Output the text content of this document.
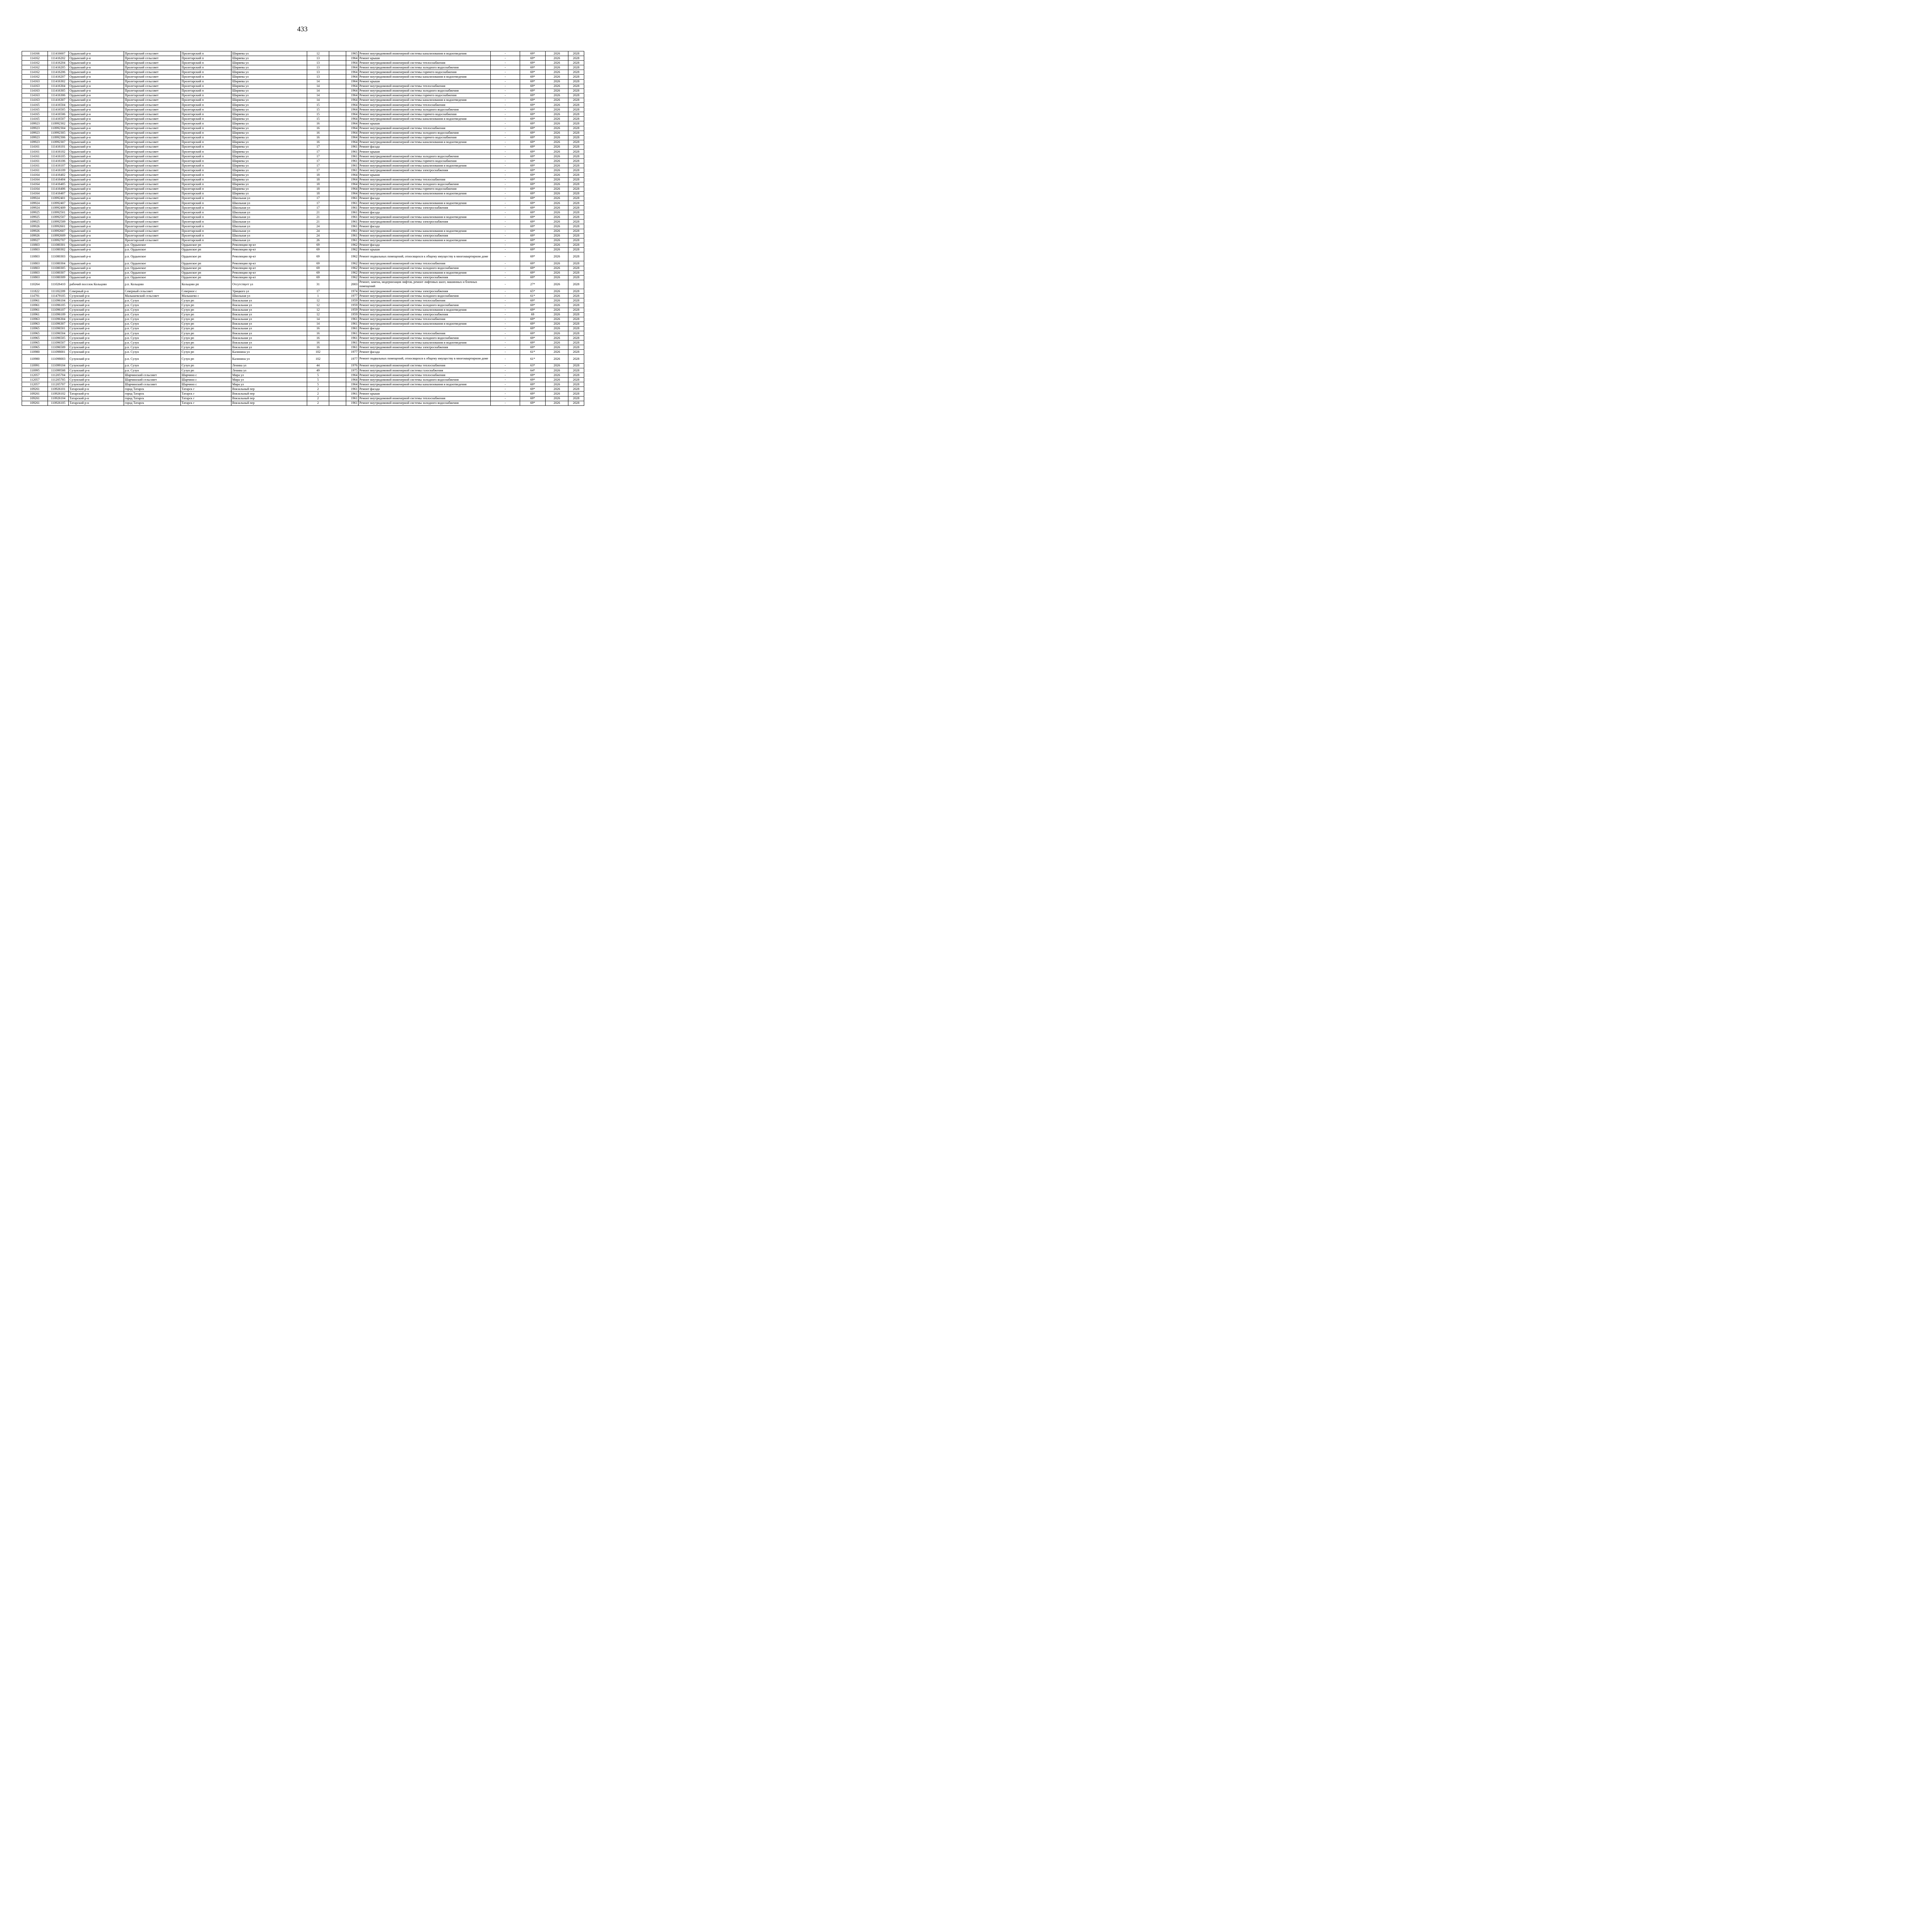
433
114166	111416607	Ордынский р-н	Пролетарский сельсовет	Пролетарский п	Ширяева ул	12		1965	Ремонт внутридомовой инженерной системы канализования и водоотведения	-	69*	2026	2028
114162	111416202	Ордынский р-н	Пролетарский сельсовет	Пролетарский п	Ширяева ул	13		1964	Ремонт крыши	-	69*	2026	2028
114162	111416204	Ордынский р-н	Пролетарский сельсовет	Пролетарский п	Ширяева ул	13		1964	Ремонт внутридомовой инженерной системы теплоснабжения	-	69*	2026	2028
114162	111416205	Ордынский р-н	Пролетарский сельсовет	Пролетарский п	Ширяева ул	13		1964	Ремонт внутридомовой инженерной системы холодного водоснабжения	-	69*	2026	2028
114162	111416206	Ордынский р-н	Пролетарский сельсовет	Пролетарский п	Ширяева ул	13		1964	Ремонт внутридомовой инженерной системы горячего водоснабжения	-	69*	2026	2028
114162	111416207	Ордынский р-н	Пролетарский сельсовет	Пролетарский п	Ширяева ул	13		1964	Ремонт внутридомовой инженерной системы канализования и водоотведения	-	69*	2026	2028
114163	111416302	Ордынский р-н	Пролетарский сельсовет	Пролетарский п	Ширяева ул	14		1964	Ремонт крыши	-	69*	2026	2028
114163	111416304	Ордынский р-н	Пролетарский сельсовет	Пролетарский п	Ширяева ул	14		1964	Ремонт внутридомовой инженерной системы теплоснабжения	-	69*	2026	2028
114163	111416305	Ордынский р-н	Пролетарский сельсовет	Пролетарский п	Ширяева ул	14		1964	Ремонт внутридомовой инженерной системы холодного водоснабжения	-	69*	2026	2028
114163	111416306	Ордынский р-н	Пролетарский сельсовет	Пролетарский п	Ширяева ул	14		1964	Ремонт внутридомовой инженерной системы горячего водоснабжения	-	69*	2026	2028
114163	111416307	Ордынский р-н	Пролетарский сельсовет	Пролетарский п	Ширяева ул	14		1964	Ремонт внутридомовой инженерной системы канализования и водоотведения	-	69*	2026	2028
114165	111416504	Ордынский р-н	Пролетарский сельсовет	Пролетарский п	Ширяева ул	15		1964	Ремонт внутридомовой инженерной системы теплоснабжения	-	69*	2026	2028
114165	111416505	Ордынский р-н	Пролетарский сельсовет	Пролетарский п	Ширяева ул	15		1964	Ремонт внутридомовой инженерной системы холодного водоснабжения	-	69*	2026	2028
114165	111416506	Ордынский р-н	Пролетарский сельсовет	Пролетарский п	Ширяева ул	15		1964	Ремонт внутридомовой инженерной системы горячего водоснабжения	-	69*	2026	2028
114165	111416507	Ордынский р-н	Пролетарский сельсовет	Пролетарский п	Ширяева ул	15		1964	Ремонт внутридомовой инженерной системы канализования и водоотведения	-	69*	2026	2028
109923	110992302	Ордынский р-н	Пролетарский сельсовет	Пролетарский п	Ширяева ул	16		1964	Ремонт крыши	-	69*	2026	2028
109923	110992304	Ордынский р-н	Пролетарский сельсовет	Пролетарский п	Ширяева ул	16		1964	Ремонт внутридомовой инженерной системы теплоснабжения	-	69*	2026	2028
109923	110992305	Ордынский р-н	Пролетарский сельсовет	Пролетарский п	Ширяева ул	16		1964	Ремонт внутридомовой инженерной системы холодного водоснабжения	-	69*	2026	2028
109923	110992306	Ордынский р-н	Пролетарский сельсовет	Пролетарский п	Ширяева ул	16		1964	Ремонт внутридомовой инженерной системы горячего водоснабжения	-	69*	2026	2028
109923	110992307	Ордынский р-н	Пролетарский сельсовет	Пролетарский п	Ширяева ул	16		1964	Ремонт внутридомовой инженерной системы канализования и водоотведения	-	69*	2026	2028
114161	111416101	Ордынский р-н	Пролетарский сельсовет	Пролетарский п	Ширяева ул	17		1961	Ремонт фасада	-	69*	2026	2028
114161	111416102	Ордынский р-н	Пролетарский сельсовет	Пролетарский п	Ширяева ул	17		1961	Ремонт крыши	-	69*	2026	2028
114161	111416105	Ордынский р-н	Пролетарский сельсовет	Пролетарский п	Ширяева ул	17		1961	Ремонт внутридомовой инженерной системы холодного водоснабжения	-	69*	2026	2028
114161	111416106	Ордынский р-н	Пролетарский сельсовет	Пролетарский п	Ширяева ул	17		1961	Ремонт внутридомовой инженерной системы горячего водоснабжения	-	69*	2026	2028
114161	111416107	Ордынский р-н	Пролетарский сельсовет	Пролетарский п	Ширяева ул	17		1961	Ремонт внутридомовой инженерной системы канализования и водоотведения	-	69*	2026	2028
114161	111416109	Ордынский р-н	Пролетарский сельсовет	Пролетарский п	Ширяева ул	17		1961	Ремонт внутридомовой инженерной системы электроснабжения	-	69*	2026	2028
114164	111416402	Ордынский р-н	Пролетарский сельсовет	Пролетарский п	Ширяева ул	18		1964	Ремонт крыши	-	69*	2026	2028
114164	111416404	Ордынский р-н	Пролетарский сельсовет	Пролетарский п	Ширяева ул	18		1964	Ремонт внутридомовой инженерной системы теплоснабжения	-	69*	2026	2028
114164	111416405	Ордынский р-н	Пролетарский сельсовет	Пролетарский п	Ширяева ул	18		1964	Ремонт внутридомовой инженерной системы холодного водоснабжения	-	69*	2026	2028
114164	111416406	Ордынский р-н	Пролетарский сельсовет	Пролетарский п	Ширяева ул	18		1964	Ремонт внутридомовой инженерной системы горячего водоснабжения	-	69*	2026	2028
114164	111416407	Ордынский р-н	Пролетарский сельсовет	Пролетарский п	Ширяева ул	18		1964	Ремонт внутридомовой инженерной системы канализования и водоотведения	-	69*	2026	2028
109924	110992401	Ордынский р-н	Пролетарский сельсовет	Пролетарский п	Школьная ул	17		1961	Ремонт фасада	-	69*	2026	2028
109924	110992407	Ордынский р-н	Пролетарский сельсовет	Пролетарский п	Школьная ул	17		1961	Ремонт внутридомовой инженерной системы канализования и водоотведения	-	69*	2026	2028
109924	110992409	Ордынский р-н	Пролетарский сельсовет	Пролетарский п	Школьная ул	17		1961	Ремонт внутридомовой инженерной системы электроснабжения	-	69*	2026	2028
109925	110992501	Ордынский р-н	Пролетарский сельсовет	Пролетарский п	Школьная ул	21		1961	Ремонт фасада	-	69*	2026	2028
109925	110992507	Ордынский р-н	Пролетарский сельсовет	Пролетарский п	Школьная ул	21		1961	Ремонт внутридомовой инженерной системы канализования и водоотведения	-	69*	2026	2028
109925	110992509	Ордынский р-н	Пролетарский сельсовет	Пролетарский п	Школьная ул	21		1961	Ремонт внутридомовой инженерной системы электроснабжения	-	69*	2026	2028
109926	110992601	Ордынский р-н	Пролетарский сельсовет	Пролетарский п	Школьная ул	24		1961	Ремонт фасада	-	69*	2026	2028
109926	110992607	Ордынский р-н	Пролетарский сельсовет	Пролетарский п	Школьная ул	24		1961	Ремонт внутридомовой инженерной системы канализования и водоотведения	-	69*	2026	2028
109926	110992609	Ордынский р-н	Пролетарский сельсовет	Пролетарский п	Школьная ул	24		1961	Ремонт внутридомовой инженерной системы электроснабжения	-	69*	2026	2028
109927	110992707	Ордынский р-н	Пролетарский сельсовет	Пролетарский п	Школьная ул	26		1961	Ремонт внутридомовой инженерной системы канализования и водоотведения	-	69*	2026	2028
110803	111080301	Ордынский р-н	р.п. Ордынское	Ордынское рп	Революции пр-кт	69		1962	Ремонт фасада	-	69*	2026	2028
110803	111080302	Ордынский р-н	р.п. Ордынское	Ордынское рп	Революции пр-кт	69		1962	Ремонт крыши	-	69*	2026	2028
110803	111080303	Ордынский р-н	р.п. Ордынское	Ордынское рп	Революции пр-кт	69		1962	Ремонт подвальных помещений, относящихся к общему имуществу в многоквартирном доме	-	69*	2026	2028
110803	111080304	Ордынский р-н	р.п. Ордынское	Ордынское рп	Революции пр-кт	69		1962	Ремонт внутридомовой инженерной системы теплоснабжения	-	69*	2026	2028
110803	111080305	Ордынский р-н	р.п. Ордынское	Ордынское рп	Революции пр-кт	69		1962	Ремонт внутридомовой инженерной системы холодного водоснабжения	-	69*	2026	2028
110803	111080307	Ордынский р-н	р.п. Ордынское	Ордынское рп	Революции пр-кт	69		1962	Ремонт внутридомовой инженерной системы канализования и водоотведения	-	69*	2026	2028
110803	111080309	Ордынский р-н	р.п. Ордынское	Ордынское рп	Революции пр-кт	69		1962	Ремонт внутридомовой инженерной системы электроснабжения	-	69*	2026	2028
110264	111026410	рабочий поселок Кольцово	р.п. Кольцово	Кольцово рп	Отсутствует ул	31		2003	Ремонт, замена, модернизация лифтов, ремонт лифтовых шахт, машинных и блочных помещений	-	27*	2026	2028
111822	111182209	Северный р-н	Северный сельсовет	Северное с	Урицкого ул	17		1974	Ремонт внутридомовой инженерной системы электроснабжения	-	65*	2026	2028
114791	111479105	Сузунский р-н	Малышевский сельсовет	Малышево с	Школьная ул	1		1977	Ремонт внутридомовой инженерной системы холодного водоснабжения	-	61*	2026	2028
110961	111096104	Сузунский р-н	р.п. Сузун	Сузун рп	Вокзальная ул	12		1959	Ремонт внутридомовой инженерной системы теплоснабжения	-	69*	2026	2028
110961	111096105	Сузунский р-н	р.п. Сузун	Сузун рп	Вокзальная ул	12		1959	Ремонт внутридомовой инженерной системы холодного водоснабжения	-	69*	2026	2028
110961	111096107	Сузунский р-н	р.п. Сузун	Сузун рп	Вокзальная ул	12		1959	Ремонт внутридомовой инженерной системы канализования и водоотведения	-	69*	2026	2028
110961	111096109	Сузунский р-н	р.п. Сузун	Сузун рп	Вокзальная ул	12		1959	Ремонт внутридомовой инженерной системы электроснабжения	-	69	2026	2028
110963	111096304	Сузунский р-н	р.п. Сузун	Сузун рп	Вокзальная ул	14		1961	Ремонт внутридомовой инженерной системы теплоснабжения	-	69*	2026	2028
110963	111096307	Сузунский р-н	р.п. Сузун	Сузун рп	Вокзальная ул	14		1961	Ремонт внутридомовой инженерной системы канализования и водоотведения	-	69*	2026	2028
110965	111096501	Сузунский р-н	р.п. Сузун	Сузун рп	Вокзальная ул	16		1961	Ремонт фасада	-	69*	2026	2028
110965	111096504	Сузунский р-н	р.п. Сузун	Сузун рп	Вокзальная ул	16		1961	Ремонт внутридомовой инженерной системы теплоснабжения	-	69*	2026	2028
110965	111096505	Сузунский р-н	р.п. Сузун	Сузун рп	Вокзальная ул	16		1961	Ремонт внутридомовой инженерной системы холодного водоснабжения	-	69*	2026	2028
110965	111096507	Сузунский р-н	р.п. Сузун	Сузун рп	Вокзальная ул	16		1961	Ремонт внутридомовой инженерной системы канализования и водоотведения	-	69*	2026	2028
110965	111096509	Сузунский р-н	р.п. Сузун	Сузун рп	Вокзальная ул	16		1961	Ремонт внутридомовой инженерной системы электроснабжения	-	69*	2026	2028
110980	111098001	Сузунский р-н	р.п. Сузун	Сузун рп	Калинина ул	102		1977	Ремонт фасада	-	61*	2026	2028
110980	111098003	Сузунский р-н	р.п. Сузун	Сузун рп	Калинина ул	102		1977	Ремонт подвальных помещений, относящихся к общему имуществу в многоквартирном доме	-	61*	2026	2028
110991	111099104	Сузунский р-н	р.п. Сузун	Сузун рп	Ленина ул	44		1976	Ремонт внутридомовой инженерной системы теплоснабжения	-	63*	2026	2028
110995	111099508	Сузунский р-н	р.п. Сузун	Сузун рп	Ленина ул	49		1975	Ремонт внутридомовой инженерной системы газоснабжения	-	64*	2026	2028
112057	111205704	Сузунский р-н	Шарчинский сельсовет	Шарчино с	Мира ул	5		1964	Ремонт внутридомовой инженерной системы теплоснабжения	-	69*	2026	2028
112057	111205705	Сузунский р-н	Шарчинский сельсовет	Шарчино с	Мира ул	5		1964	Ремонт внутридомовой инженерной системы холодного водоснабжения	-	69*	2026	2028
112057	111205707	Сузунский р-н	Шарчинский сельсовет	Шарчино с	Мира ул	5		1964	Ремонт внутридомовой инженерной системы канализования и водоотведения	-	69*	2026	2028
109261	110926101	Татарский р-н	город Татарск	Татарск г	Вокзальный пер	2		1961	Ремонт фасада	-	69*	2026	2028
109261	110926102	Татарский р-н	город Татарск	Татарск г	Вокзальный пер	2		1961	Ремонт крыши	-	69*	2026	2028
109261	110926104	Татарский р-н	город Татарск	Татарск г	Вокзальный пер	2		1961	Ремонт внутридомовой инженерной системы теплоснабжения	-	69*	2026	2028
109261	110926105	Татарский р-н	город Татарск	Татарск г	Вокзальный пер	2		1961	Ремонт внутридомовой инженерной системы холодного водоснабжения	-	69*	2026	2028
